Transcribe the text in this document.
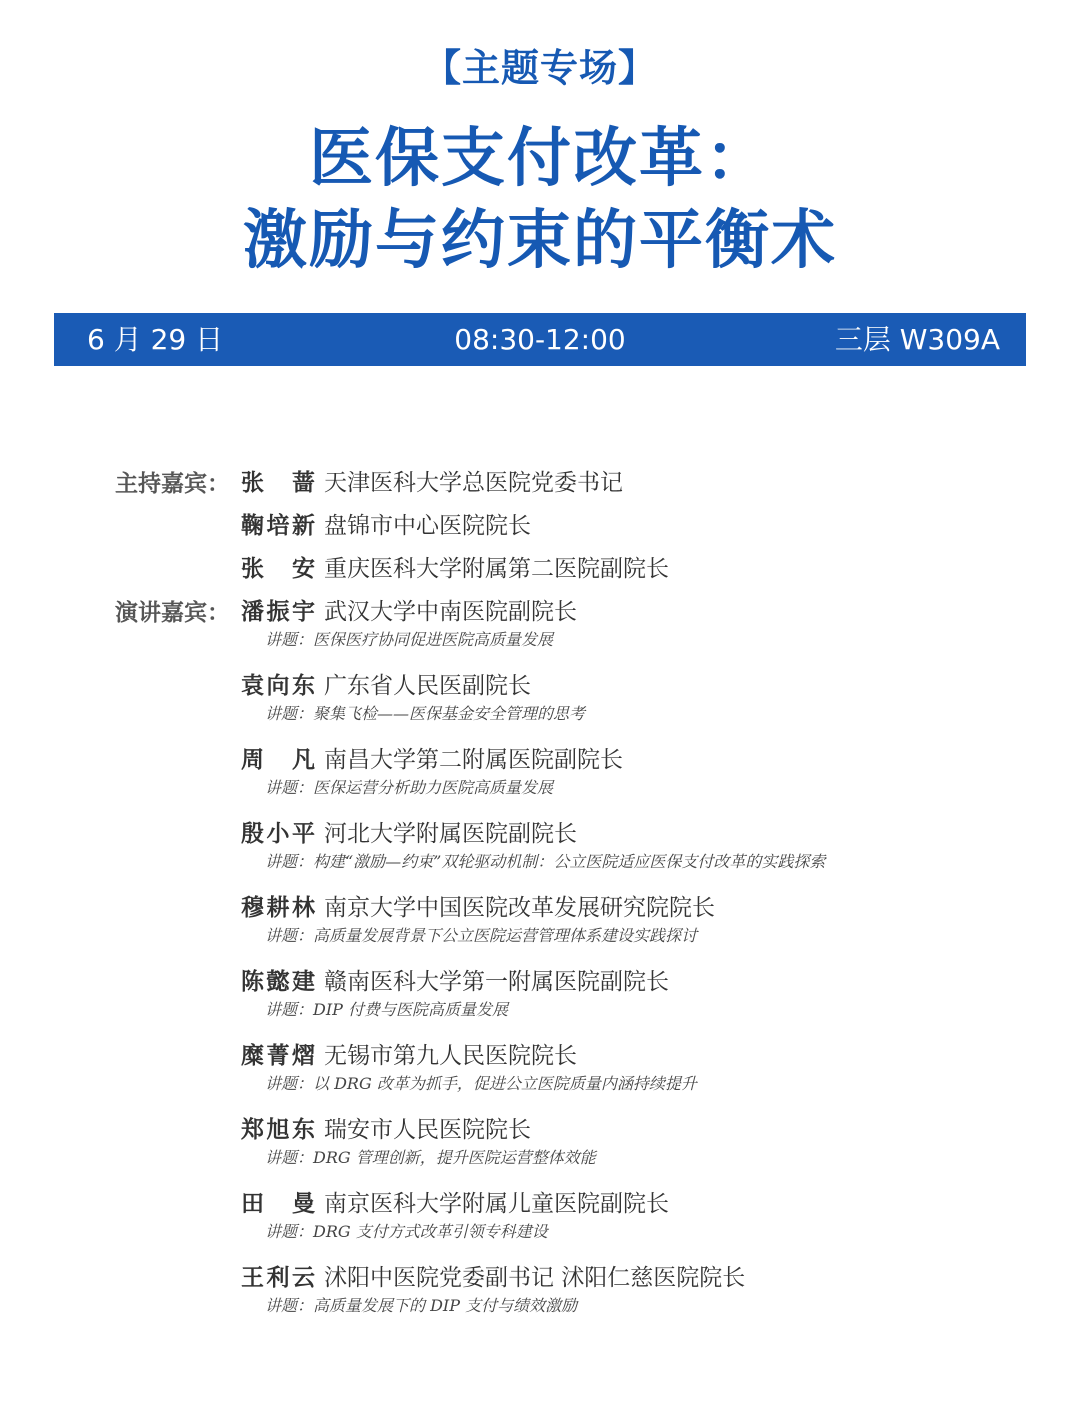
【主题专场】
医保支付改革：
激励与约束的平衡术
08:30-12:00
6 月 29 日	三层 W309A
主持嘉宾： 张蔷 天津医科大学总医院党委书记
鞠培新 盘锦市中心医院院长
张安 重庆医科大学附属第二医院副院长
演讲嘉宾： 潘振宇 武汉大学中南医院副院长
讲题：医保医疗协同促进医院高质量发展
袁向东 广东省人民医副院长
讲题：聚集飞检——医保基金安全管理的思考
周凡 南昌大学第二附属医院副院长
讲题：医保运营分析助力医院高质量发展
殷小平 河北大学附属医院副院长
讲题：构建“激励—约束”双轮驱动机制：公立医院适应医保支付改革的实践探索
穆耕林 南京大学中国医院改革发展研究院院长
讲题：高质量发展背景下公立医院运营管理体系建设实践探讨
陈懿建 赣南医科大学第一附属医院副院长
讲题：DIP 付费与医院高质量发展
糜菁熠 无锡市第九人民医院院长
讲题：以 DRG 改革为抓手，促进公立医院质量内涵持续提升
郑旭东 瑞安市人民医院院长
讲题：DRG 管理创新，提升医院运营整体效能
田曼 南京医科大学附属儿童医院副院长
讲题：DRG 支付方式改革引领专科建设
王利云 沭阳中医院党委副书记 沭阳仁慈医院院长
讲题：高质量发展下的 DIP 支付与绩效激励
